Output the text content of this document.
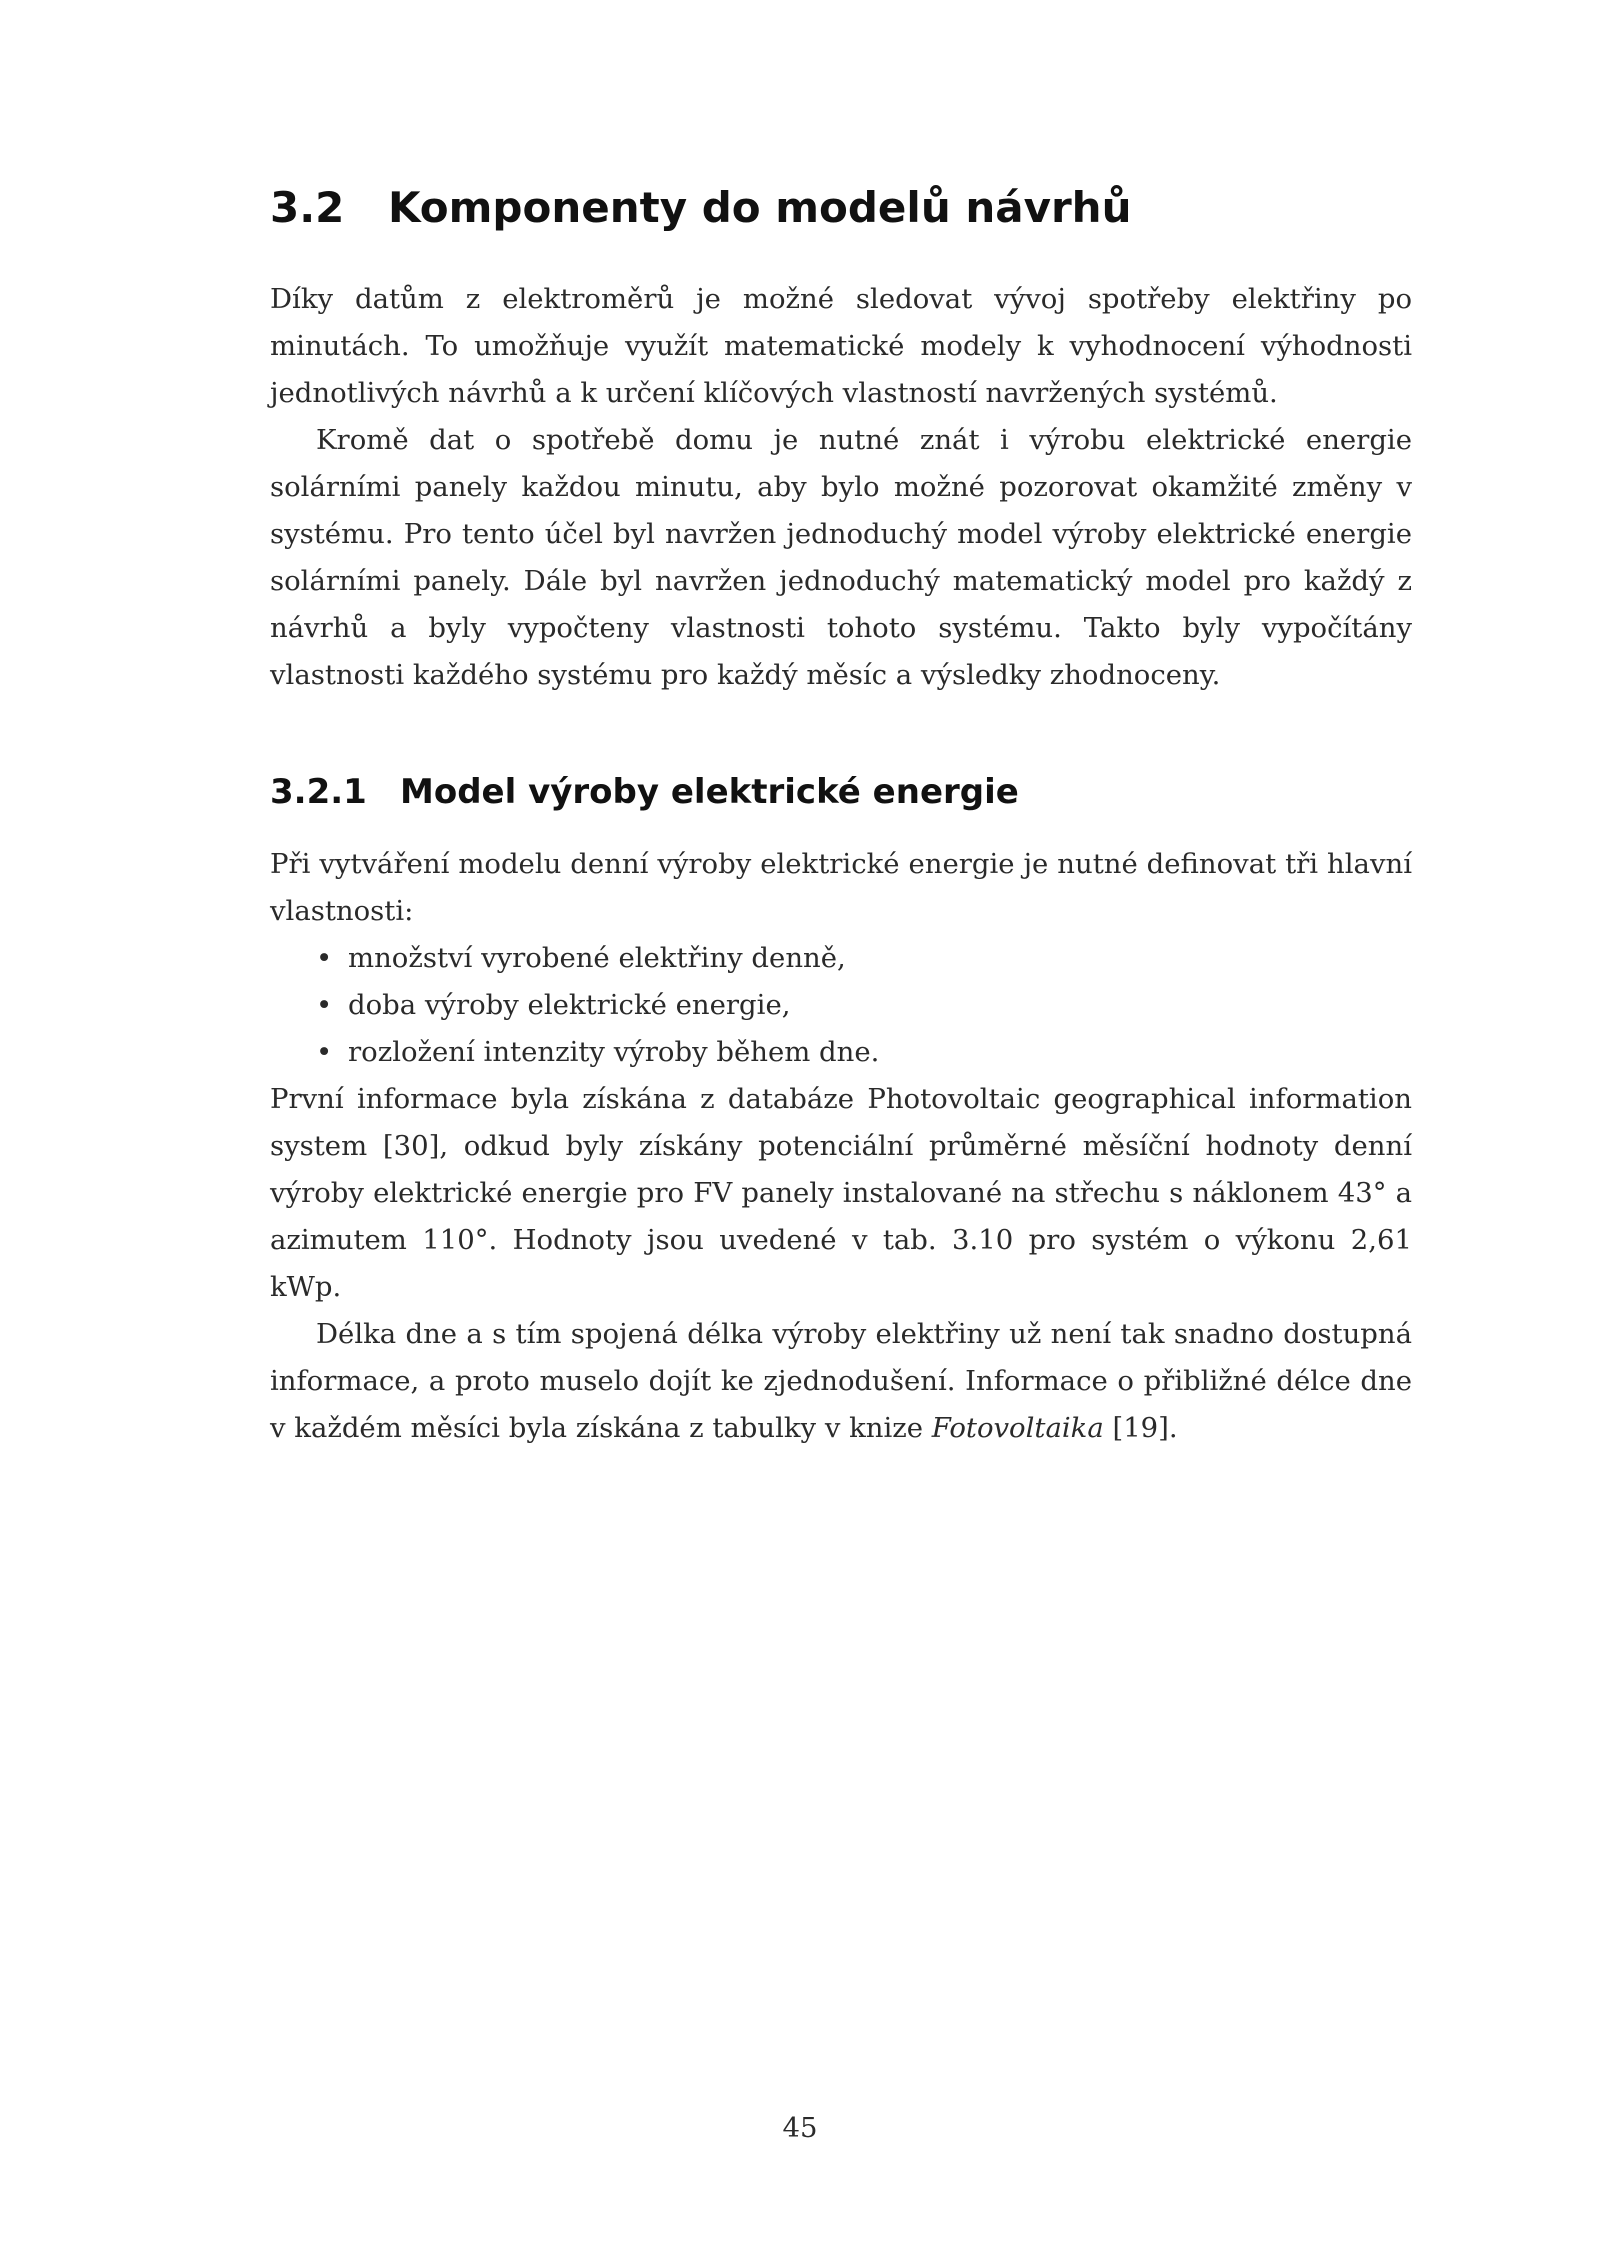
3.2 Komponenty do modelů návrhů

Díky datům z elektroměrů je možné sledovat vývoj spotřeby elektřiny po minutách. To umožňuje využít matematické modely k vyhodnocení výhodnosti jednotlivých návrhů a k určení klíčových vlastností navržených systémů.

Kromě dat o spotřebě domu je nutné znát i výrobu elektrické energie solárními panely každou minutu, aby bylo možné pozorovat okamžité změny v systému. Pro tento účel byl navržen jednoduchý model výroby elektrické energie solárními panely. Dále byl navržen jednoduchý matematický model pro každý z návrhů a byly vypočteny vlastnosti tohoto systému. Takto byly vypočítány vlastnosti každého systému pro každý měsíc a výsledky zhodnoceny.

3.2.1 Model výroby elektrické energie

Při vytváření modelu denní výroby elektrické energie je nutné definovat tři hlavní vlastnosti:

• množství vyrobené elektřiny denně,
• doba výroby elektrické energie,
• rozložení intenzity výroby během dne.

První informace byla získána z databáze Photovoltaic geographical information system [30], odkud byly získány potenciální průměrné měsíční hodnoty denní výroby elektrické energie pro FV panely instalované na střechu s náklonem 43° a azimutem 110°. Hodnoty jsou uvedené v tab. 3.10 pro systém o výkonu 2,61 kWp.

Délka dne a s tím spojená délka výroby elektřiny už není tak snadno dostupná informace, a proto muselo dojít ke zjednodušení. Informace o přibližné délce dne v každém měsíci byla získána z tabulky v knize Fotovoltaika [19].

45
